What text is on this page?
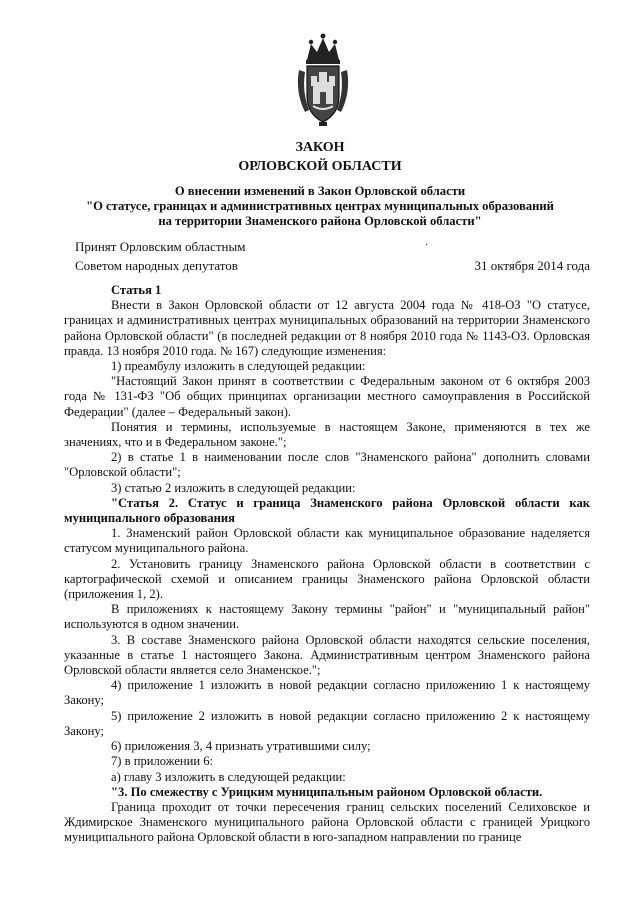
ЗАКОН
ОРЛОВСКОЙ ОБЛАСТИ
О внесении изменений в Закон Орловской области
"О статусе, границах и административных центрах муниципальных образований
на территории Знаменского района Орловской области"
Принят Орловским областным
Советом народных депутатов
·
31 октября 2014 года

Статья 1

Внести в Закон Орловской области от 12 августа 2004 года № 418-ОЗ "О статусе, границах и административных центрах муниципальных образований на территории Знаменского района Орловской области" (в последней редакции от 8 ноября 2010 года № 1143-ОЗ. Орловская правда. 13 ноября 2010 года. № 167) следующие изменения:

1) преамбулу изложить в следующей редакции:

"Настоящий Закон принят в соответствии с Федеральным законом от 6 октября 2003 года № 131-ФЗ "Об общих принципах организации местного самоуправления в Российской Федерации" (далее – Федеральный закон).

Понятия и термины, используемые в настоящем Законе, применяются в тех же значениях, что и в Федеральном законе.";

2) в статье 1 в наименовании после слов "Знаменского района" дополнить словами "Орловской области";

3) статью 2 изложить в следующей редакции:

"Статья 2. Статус и граница Знаменского района Орловской области как муниципального образования

1. Знаменский район Орловской области как муниципальное образование наделяется статусом муниципального района.

2. Установить границу Знаменского района Орловской области в соответствии с картографической схемой и описанием границы Знаменского района Орловской области (приложения 1, 2).

В приложениях к настоящему Закону термины "район" и "муниципальный район" используются в одном значении.

3. В составе Знаменского района Орловской области находятся сельские поселения, указанные в статье 1 настоящего Закона. Административным центром Знаменского района Орловской области является село Знаменское.";

4) приложение 1 изложить в новой редакции согласно приложению 1 к настоящему Закону;

5) приложение 2 изложить в новой редакции согласно приложению 2 к настоящему Закону;

6) приложения 3, 4 признать утратившими силу;

7) в приложении 6:

а) главу 3 изложить в следующей редакции:

"3. По смежеству с Урицким муниципальным районом Орловской области.

Граница проходит от точки пересечения границ сельских поселений Селиховское и Ждимирское Знаменского муниципального района Орловской области с границей Урицкого муниципального района Орловской области в юго-западном направлении по границе
